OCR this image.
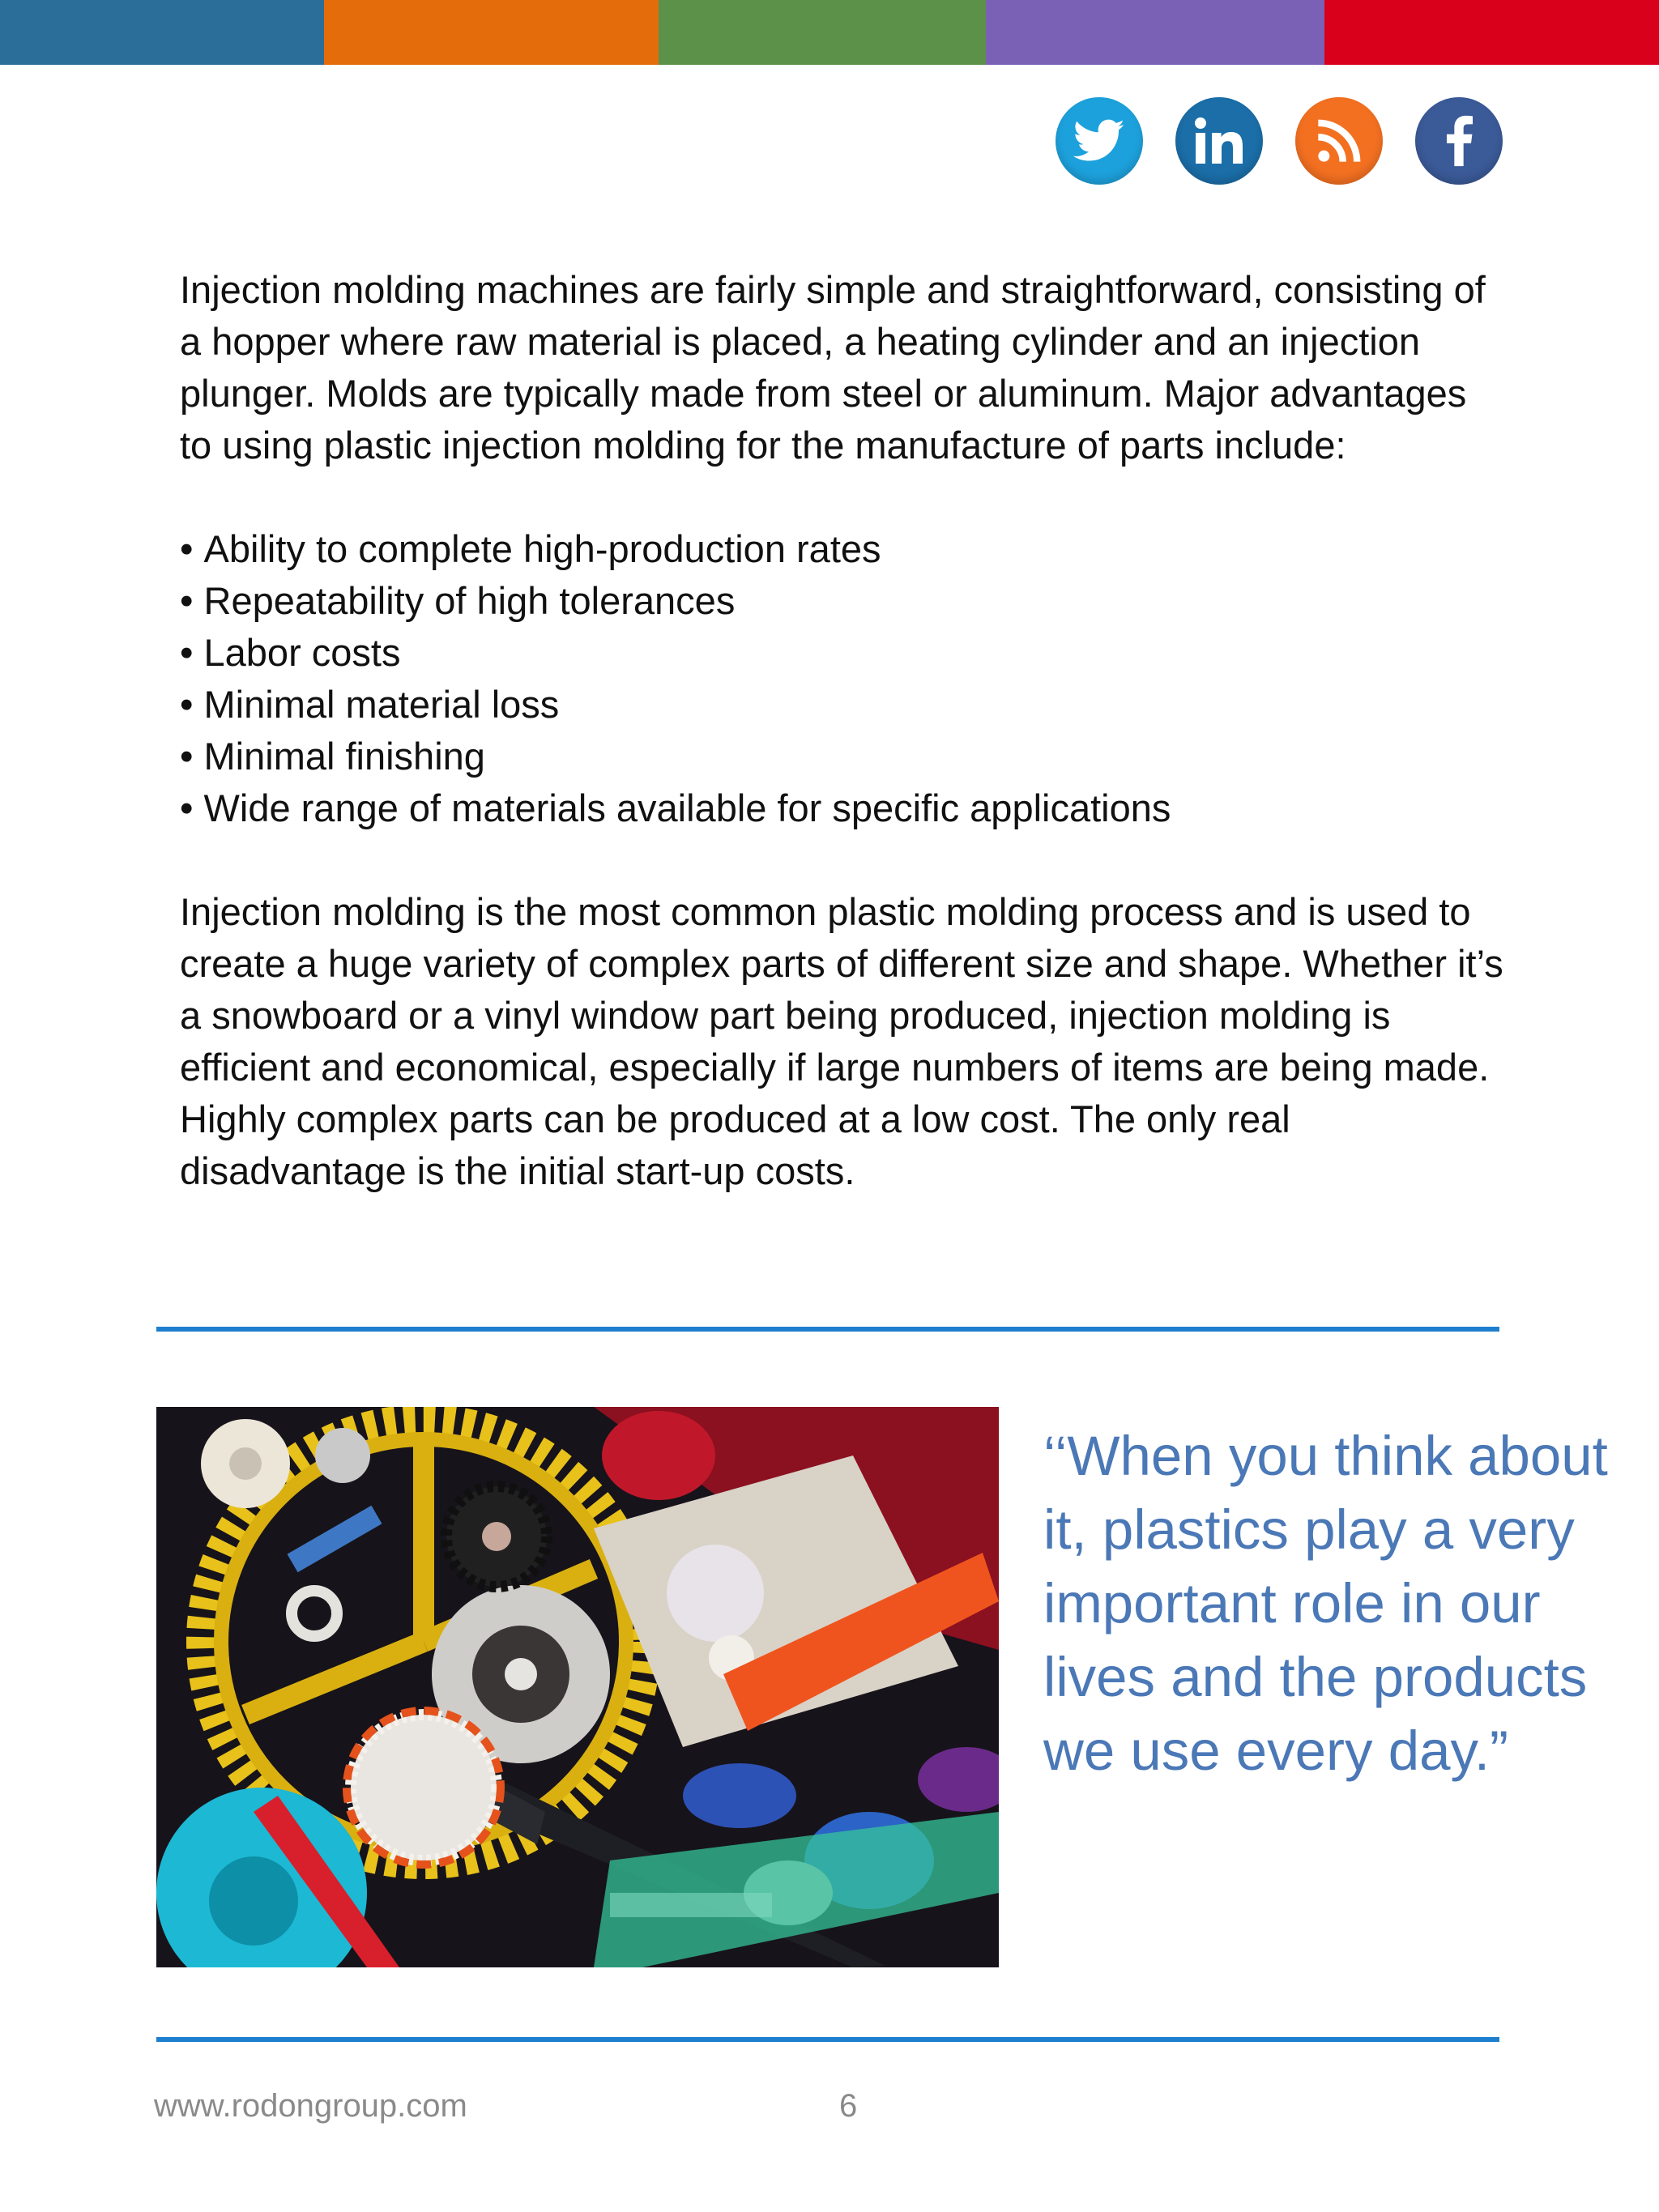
Injection molding machines are fairly simple and straightforward, consisting of a hopper where raw material is placed, a heating cylinder and an injection plunger. Molds are typically made from steel or aluminum. Major advantages to using plastic injection molding for the manufacture of parts include:

• Ability to complete high-production rates
• Repeatability of high tolerances
• Labor costs
• Minimal material loss
• Minimal finishing
• Wide range of materials available for specific applications

Injection molding is the most common plastic molding process and is used to create a huge variety of complex parts of different size and shape. Whether it’s a snowboard or a vinyl window part being produced, injection molding is efficient and economical, especially if large numbers of items are being made. Highly complex parts can be produced at a low cost. The only real disadvantage is the initial start-up costs.

‘‘When you think about it, plastics play a very important role in our lives and the products we use every day.”
www.rodongroup.com	6
